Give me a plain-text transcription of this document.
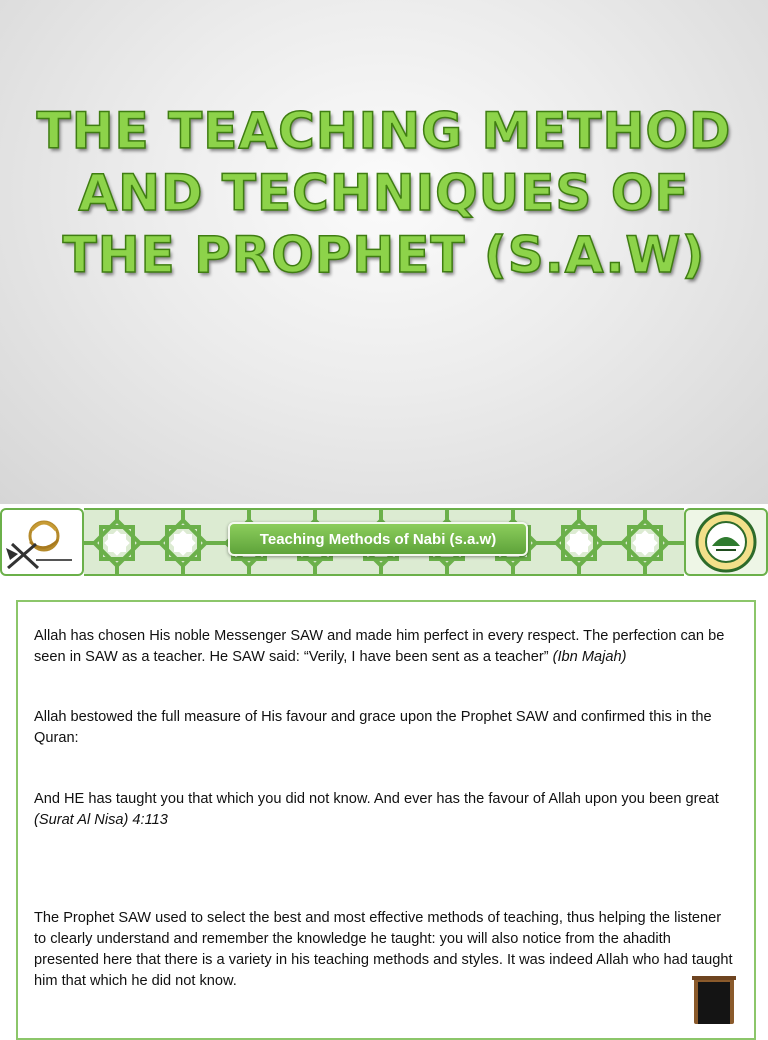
THE TEACHING METHOD
AND TECHNIQUES OF
THE PROPHET (S.A.W)
Teaching Methods of Nabi (s.a.w)

Allah has chosen His noble Messenger SAW and made him perfect in every respect. The perfection can be seen in SAW as a teacher. He SAW said: “Verily, I have been sent as a teacher” (Ibn Majah)

Allah bestowed the full measure of His favour and grace upon the Prophet SAW and confirmed this in the Quran:

And HE has taught you that which you did not know. And ever has the favour of Allah upon you been great (Surat Al Nisa) 4:113

The Prophet SAW used to select the best and most effective methods of teaching, thus helping the listener to clearly understand and remember the knowledge he taught: you will also notice from the ahadith presented here that there is a variety in his teaching methods and styles. It was indeed Allah who had taught him that which he did not know.
